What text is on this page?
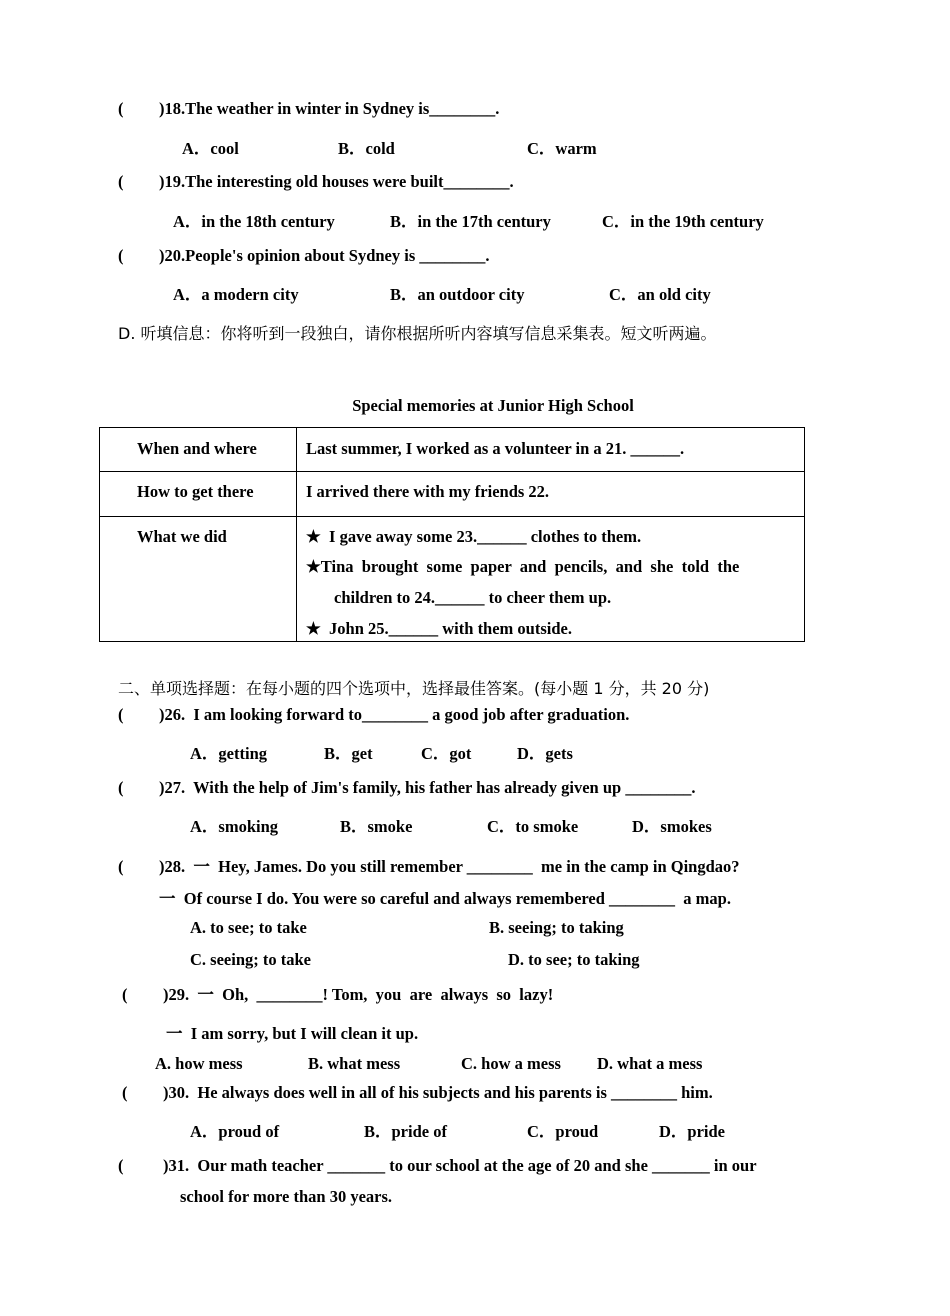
( )18.The weather in winter in Sydney is________.
A．cool	B．cold	C．warm
( )19.The interesting old houses were built________.
A．in the 18th century	B．in the 17th century	C．in the 19th century
( )20.People's opinion about Sydney is ________.
A．a modern city	B．an outdoor city	C．an old city
D. 听填信息：你将听到一段独白，请你根据所听内容填写信息采集表。短文听两遍。
Special memories at Junior High School
When and where	Last summer, I worked as a volunteer in a 21. ______.

How to get there	I arrived there with my friends 22.

What we did	★  I gave away some 23.______ clothes to them.
★Tina  brought  some  paper  and  pencils,  and  she  told  the
children to 24.______ to cheer them up.
★  John 25.______ with them outside.
二、单项选择题：在每小题的四个选项中，选择最佳答案。(每小题 1 分，共 20 分)
( )26.  I am looking forward to________ a good job after graduation.
A．getting	B．get	C．got	D．gets
( )27.  With the help of Jim's family, his father has already given up ________.
A．smoking	B．smoke	C．to smoke	D．smokes
( )28.  一  Hey, James. Do you still remember ________  me in the camp in Qingdao?
一  Of course I do. You were so careful and always remembered ________  a map.
A. to see; to take	B. seeing; to taking
C. seeing; to take	D. to see; to taking
( )29.  一  Oh,  ________! Tom,  you  are  always  so  lazy!
一  I am sorry, but I will clean it up.
A. how mess	B. what mess	C. how a mess D. what a mess
( )30.  He always does well in all of his subjects and his parents is ________ him.
A．proud of	B．pride of	C．proud	D．pride
( )31.  Our math teacher _______ to our school at the age of 20 and she _______ in our
school for more than 30 years.
